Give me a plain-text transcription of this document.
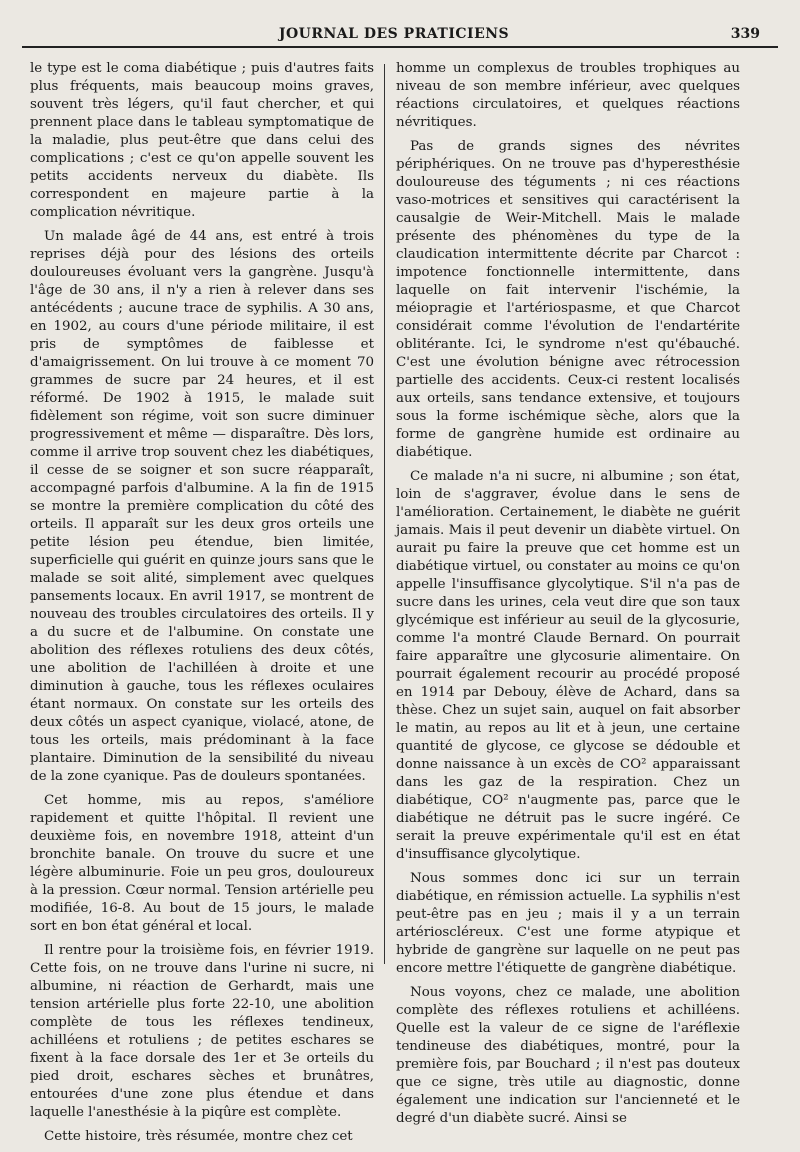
JOURNAL DES PRATICIENS	339

le type est le coma diabétique ; puis d'autres faits plus fréquents, mais beaucoup moins graves, souvent très légers, qu'il faut chercher, et qui prennent place dans le tableau symptomatique de la maladie, plus peut-être que dans celui des complications ; c'est ce qu'on appelle souvent les petits accidents nerveux du diabète. Ils correspondent en majeure partie à la complication névritique.

Un malade âgé de 44 ans, est entré à trois reprises déjà pour des lésions des orteils douloureuses évoluant vers la gangrène. Jusqu'à l'âge de 30 ans, il n'y a rien à relever dans ses antécédents ; aucune trace de syphilis. A 30 ans, en 1902, au cours d'une période militaire, il est pris de symptômes de faiblesse et d'amaigrissement. On lui trouve à ce moment 70 grammes de sucre par 24 heures, et il est réformé. De 1902 à 1915, le malade suit fidèlement son régime, voit son sucre diminuer progressivement et même — disparaître. Dès lors, comme il arrive trop souvent chez les diabétiques, il cesse de se soigner et son sucre réapparaît, accompagné parfois d'albumine. A la fin de 1915 se montre la première complication du côté des orteils. Il apparaît sur les deux gros orteils une petite lésion peu étendue, bien limitée, superficielle qui guérit en quinze jours sans que le malade se soit alité, simplement avec quelques pansements locaux. En avril 1917, se montrent de nouveau des troubles circulatoires des orteils. Il y a du sucre et de l'albumine. On constate une abolition des réflexes rotuliens des deux côtés, une abolition de l'achilléen à droite et une diminution à gauche, tous les réflexes oculaires étant normaux. On constate sur les orteils des deux côtés un aspect cyanique, violacé, atone, de tous les orteils, mais prédominant à la face plantaire. Diminution de la sensibilité du niveau de la zone cyanique. Pas de douleurs spontanées.

Cet homme, mis au repos, s'améliore rapidement et quitte l'hôpital. Il revient une deuxième fois, en novembre 1918, atteint d'un bronchite banale. On trouve du sucre et une légère albuminurie. Foie un peu gros, douloureux à la pression. Cœur normal. Tension artérielle peu modifiée, 16-8. Au bout de 15 jours, le malade sort en bon état général et local.

Il rentre pour la troisième fois, en février 1919. Cette fois, on ne trouve dans l'urine ni sucre, ni albumine, ni réaction de Gerhardt, mais une tension artérielle plus forte 22-10, une abolition complète de tous les réflexes tendineux, achilléens et rotuliens ; de petites eschares se fixent à la face dorsale des 1er et 3e orteils du pied droit, eschares sèches et brunâtres, entourées d'une zone plus étendue et dans laquelle l'anesthésie à la piqûre est complète.

Cette histoire, très résumée, montre chez cet

homme un complexus de troubles trophiques au niveau de son membre inférieur, avec quelques réactions circulatoires, et quelques réactions névritiques.

Pas de grands signes des névrites périphériques. On ne trouve pas d'hyperesthésie douloureuse des téguments ; ni ces réactions vaso-motrices et sensitives qui caractérisent la causalgie de Weir-Mitchell. Mais le malade présente des phénomènes du type de la claudication intermittente décrite par Charcot : impotence fonctionnelle intermittente, dans laquelle on fait intervenir l'ischémie, la méiopragie et l'artériospasme, et que Charcot considérait comme l'évolution de l'endartérite oblitérante. Ici, le syndrome n'est qu'ébauché. C'est une évolution bénigne avec rétrocession partielle des accidents. Ceux-ci restent localisés aux orteils, sans tendance extensive, et toujours sous la forme ischémique sèche, alors que la forme de gangrène humide est ordinaire au diabétique.

Ce malade n'a ni sucre, ni albumine ; son état, loin de s'aggraver, évolue dans le sens de l'amélioration. Certainement, le diabète ne guérit jamais. Mais il peut devenir un diabète virtuel. On aurait pu faire la preuve que cet homme est un diabétique virtuel, ou constater au moins ce qu'on appelle l'insuffisance glycolytique. S'il n'a pas de sucre dans les urines, cela veut dire que son taux glycémique est inférieur au seuil de la glycosurie, comme l'a montré Claude Bernard. On pourrait faire apparaître une glycosurie alimentaire. On pourrait également recourir au procédé proposé en 1914 par Debouy, élève de Achard, dans sa thèse. Chez un sujet sain, auquel on fait absorber le matin, au repos au lit et à jeun, une certaine quantité de glycose, ce glycose se dédouble et donne naissance à un excès de CO² apparaissant dans les gaz de la respiration. Chez un diabétique, CO² n'augmente pas, parce que le diabétique ne détruit pas le sucre ingéré. Ce serait la preuve expérimentale qu'il est en état d'insuffisance glycolytique.

Nous sommes donc ici sur un terrain diabétique, en rémission actuelle. La syphilis n'est peut-être pas en jeu ; mais il y a un terrain artérioscléreux. C'est une forme atypique et hybride de gangrène sur laquelle on ne peut pas encore mettre l'étiquette de gangrène diabétique.

Nous voyons, chez ce malade, une abolition complète des réflexes rotuliens et achilléens. Quelle est la valeur de ce signe de l'aréflexie tendineuse des diabétiques, montré, pour la première fois, par Bouchard ; il n'est pas douteux que ce signe, très utile au diagnostic, donne également une indication sur l'ancienneté et le degré d'un diabète sucré. Ainsi se
